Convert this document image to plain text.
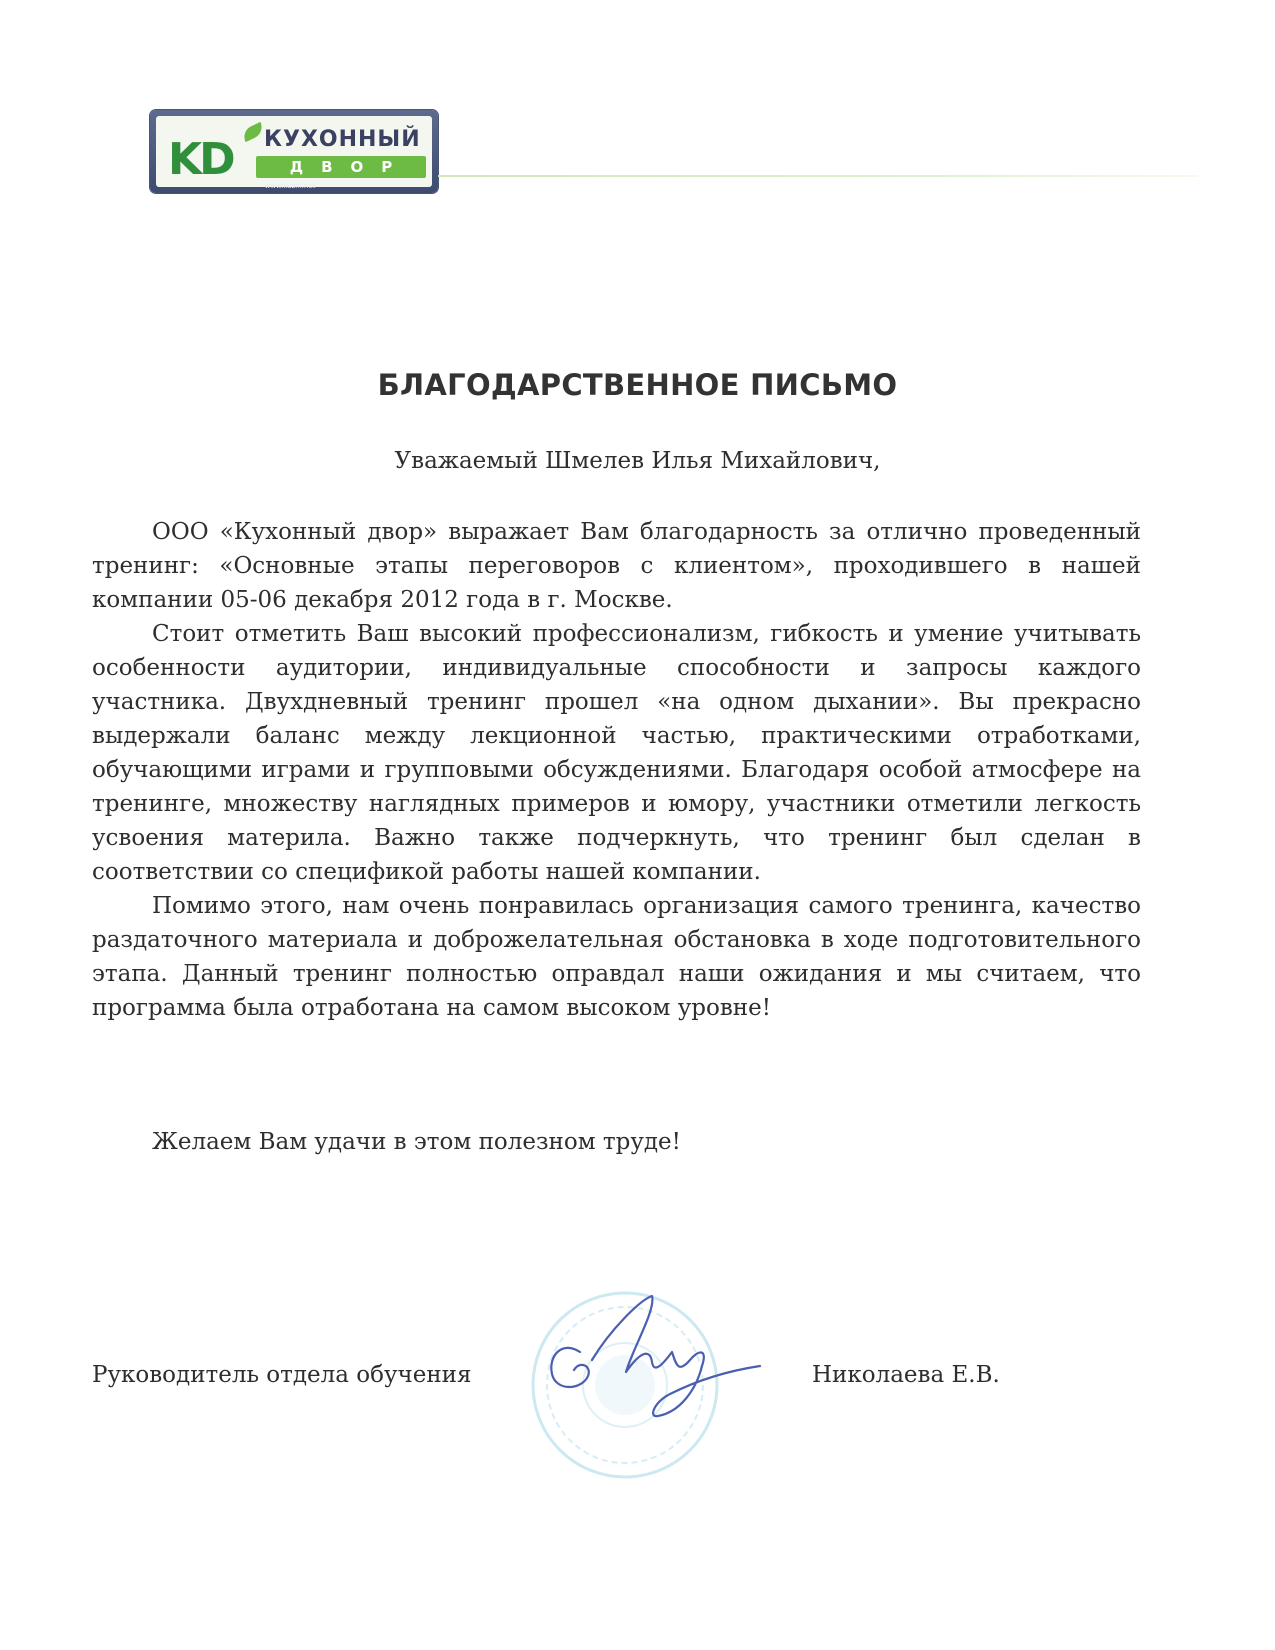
KD КУХОННЫЙ
ДВОР
www.kuzni.net
БЛАГОДАРСТВЕННОЕ ПИСЬМО
Уважаемый Шмелев Илья Михайлович,

ООО «Кухонный двор» выражает Вам благодарность за отлично проведенный тренинг: «Основные этапы переговоров с клиентом», проходившего в нашей компании 05-06 декабря 2012 года в г. Москве.

Стоит отметить Ваш высокий профессионализм, гибкость и умение учитывать особенности аудитории, индивидуальные способности и запросы каждого участника. Двухдневный тренинг прошел «на одном дыхании». Вы прекрасно выдержали баланс между лекционной частью, практическими отработками, обучающими играми и групповыми обсуждениями. Благодаря особой атмосфере на тренинге, множеству наглядных примеров и юмору, участники отметили легкость усвоения материла. Важно также подчеркнуть, что тренинг был сделан в соответствии со спецификой работы нашей компании.

Помимо этого, нам очень понравилась организация самого тренинга, качество раздаточного материала и доброжелательная обстановка в ходе подготовительного этапа. Данный тренинг полностью оправдал наши ожидания и мы считаем, что программа была отработана на самом высоком уровне!

Желаем Вам удачи в этом полезном труде!
Руководитель отдела обучения	Николаева Е.В.
